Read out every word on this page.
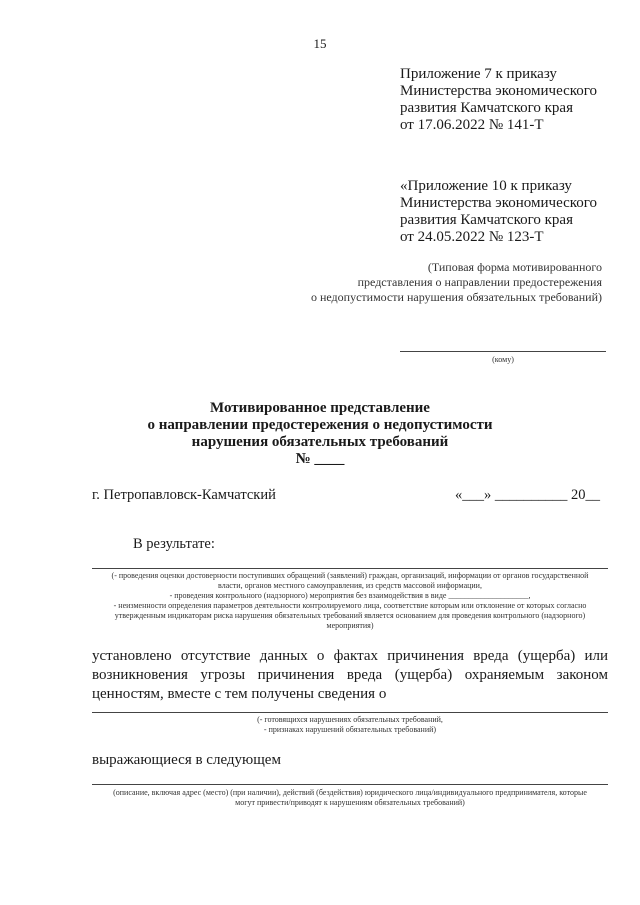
15
Приложение 7 к приказу
Министерства экономического
развития Камчатского края
от 17.06.2022 № 141-Т
«Приложение 10 к приказу
Министерства экономического
развития Камчатского края
от 24.05.2022 № 123-Т
(Типовая форма мотивированного
представления о направлении предостережения
о недопустимости нарушения обязательных требований)
(кому)
Мотивированное представление
о направлении предостережения о недопустимости
нарушения обязательных требований
№ ____
г. Петропавловск-Камчатский	«___» __________ 20__
В результате:
(- проведения оценки достоверности поступивших обращений (заявлений) граждан, организаций, информации от органов государственной
власти, органов местного самоуправления, из средств массовой информации,
- проведения контрольного (надзорного) мероприятия без взаимодействия в виде ____________________,
- неизменности определения параметров деятельности контролируемого лица, соответствие которым или отклонение от которых согласно
утвержденным индикаторам риска нарушения обязательных требований является основанием для проведения контрольного (надзорного)
мероприятия)
установлено отсутствие данных о фактах причинения вреда (ущерба) или
возникновения угрозы причинения вреда (ущерба) охраняемым законом
ценностям, вместе с тем получены сведения о
(- готовящихся нарушениях обязательных требований,
- признаках нарушений обязательных требований)
выражающиеся в следующем
(описание, включая адрес (место) (при наличии), действий (бездействия) юридического лица/индивидуального предпринимателя, которые
могут привести/приводят к нарушениям обязательных требований)
